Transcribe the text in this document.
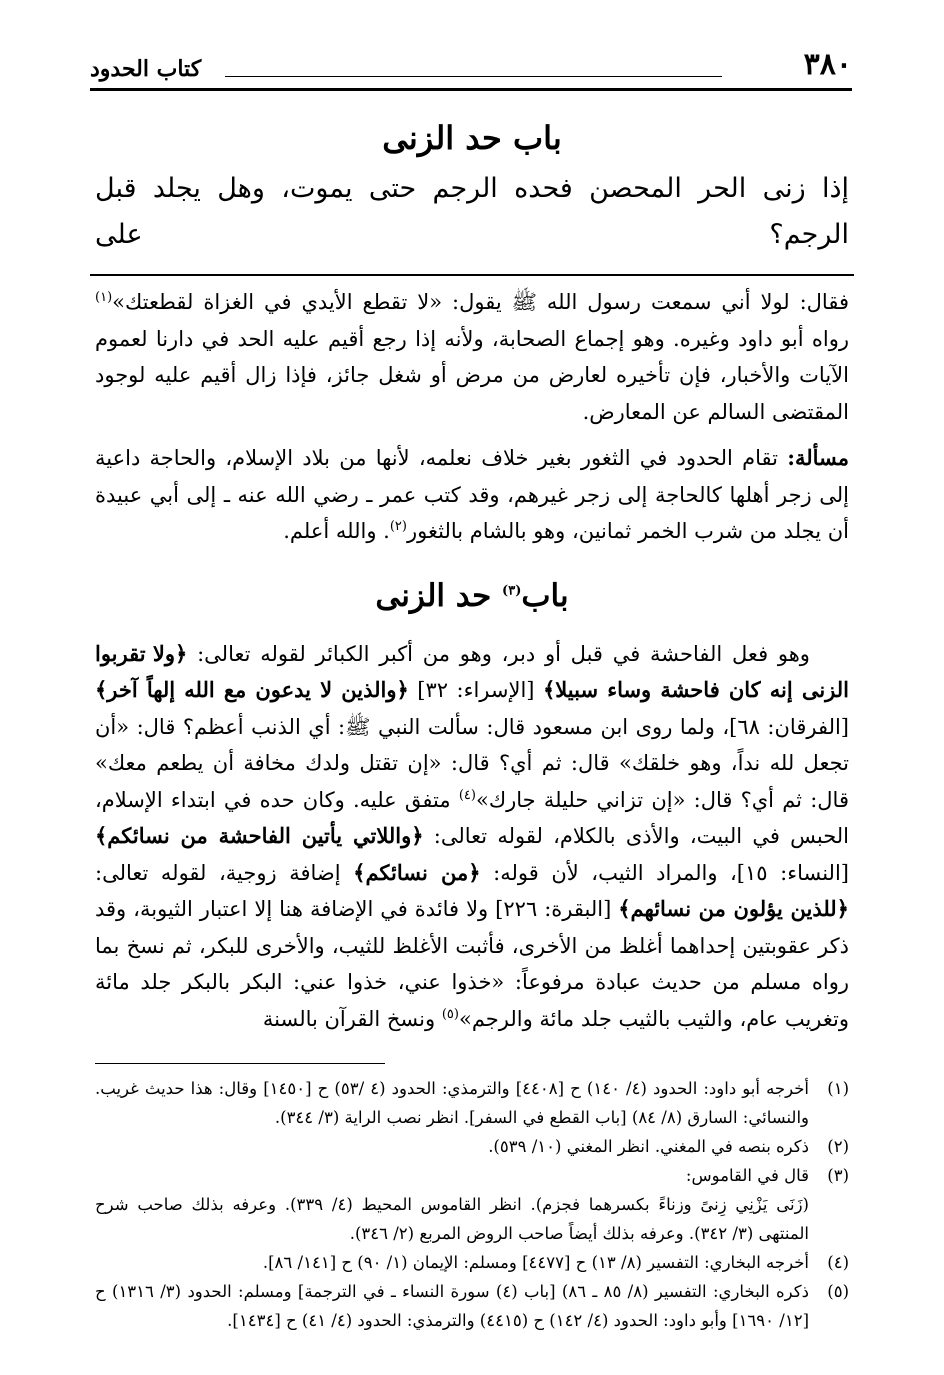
٣٨٠
كتاب الحدود
باب حد الزنى
إذا زنى الحر المحصن فحده الرجم حتى يموت، وهل يجلد قبل الرجم؟ على

فقال: لولا أني سمعت رسول الله ﷺ يقول: «لا تقطع الأيدي في الغزاة لقطعتك»$^{(١)}$ رواه أبو داود وغيره. وهو إجماع الصحابة، ولأنه إذا رجع أقيم عليه الحد في دارنا لعموم الآيات والأخبار، فإن تأخيره لعارض من مرض أو شغل جائز، فإذا زال أقيم عليه لوجود المقتضى السالم عن المعارض.

مسألة: تقام الحدود في الثغور بغير خلاف نعلمه، لأنها من بلاد الإسلام، والحاجة داعية إلى زجر أهلها كالحاجة إلى زجر غيرهم، وقد كتب عمر ـ رضي الله عنه ـ إلى أبي عبيدة أن يجلد من شرب الخمر ثمانين، وهو بالشام بالثغور$^{(٢)}$. والله أعلم.

باب$^{(٣)}$ حد الزنى

وهو فعل الفاحشة في قبل أو دبر، وهو من أكبر الكبائر لقوله تعالى: ﴿ولا تقربوا الزنى إنه كان فاحشة وساء سبيلا﴾ [الإسراء: ٣٢] ﴿والذين لا يدعون مع الله إلهاً آخر﴾ [الفرقان: ٦٨]، ولما روى ابن مسعود قال: سألت النبي ﷺ: أي الذنب أعظم؟ قال: «أن تجعل لله نداً، وهو خلقك» قال: ثم أي؟ قال: «إن تقتل ولدك مخافة أن يطعم معك» قال: ثم أي؟ قال: «إن تزاني حليلة جارك»$^{(٤)}$ متفق عليه. وكان حده في ابتداء الإسلام، الحبس في البيت، والأذى بالكلام، لقوله تعالى: ﴿واللاتي يأتين الفاحشة من نسائكم﴾ [النساء: ١٥]، والمراد الثيب، لأن قوله: ﴿من نسائكم﴾ إضافة زوجية، لقوله تعالى: ﴿للذين يؤلون من نسائهم﴾ [البقرة: ٢٢٦] ولا فائدة في الإضافة هنا إلا اعتبار الثيوبة، وقد ذكر عقوبتين إحداهما أغلظ من الأخرى، فأثبت الأغلظ للثيب، والأخرى للبكر، ثم نسخ بما رواه مسلم من حديث عبادة مرفوعاً: «خذوا عني، خذوا عني: البكر بالبكر جلد مائة وتغريب عام، والثيب بالثيب جلد مائة والرجم»$^{(٥)}$ ونسخ القرآن بالسنة

(١)
أخرجه أبو داود: الحدود (٤/ ١٤٠) ح [٤٤٠٨] والترمذي: الحدود (٤ /٥٣) ح [١٤٥٠] وقال: هذا حديث غريب. والنسائي: السارق (٨/ ٨٤) [باب القطع في السفر]. انظر نصب الراية (٣/ ٣٤٤).
(٢)
ذكره بنصه في المغني. انظر المغني (١٠/ ٥٣٩).
(٣)
قال في القاموس:
(زَنَى يَزْنِي زِنىً وزناءً بكسرهما فجزم). انظر القاموس المحيط (٤/ ٣٣٩). وعرفه بذلك صاحب شرح المنتهى (٣/ ٣٤٢). وعرفه بذلك أيضاً صاحب الروض المربع (٢/ ٣٤٦).
(٤)
أخرجه البخاري: التفسير (٨/ ١٣) ح [٤٤٧٧] ومسلم: الإيمان (١/ ٩٠) ح [١٤١/ ٨٦].
(٥)
ذكره البخاري: التفسير (٨/ ٨٥ ـ ٨٦) [باب (٤) سورة النساء ـ في الترجمة] ومسلم: الحدود (٣/ ١٣١٦) ح [١٢/ ١٦٩٠] وأبو داود: الحدود (٤/ ١٤٢) ح (٤٤١٥) والترمذي: الحدود (٤/ ٤١) ح [١٤٣٤].
